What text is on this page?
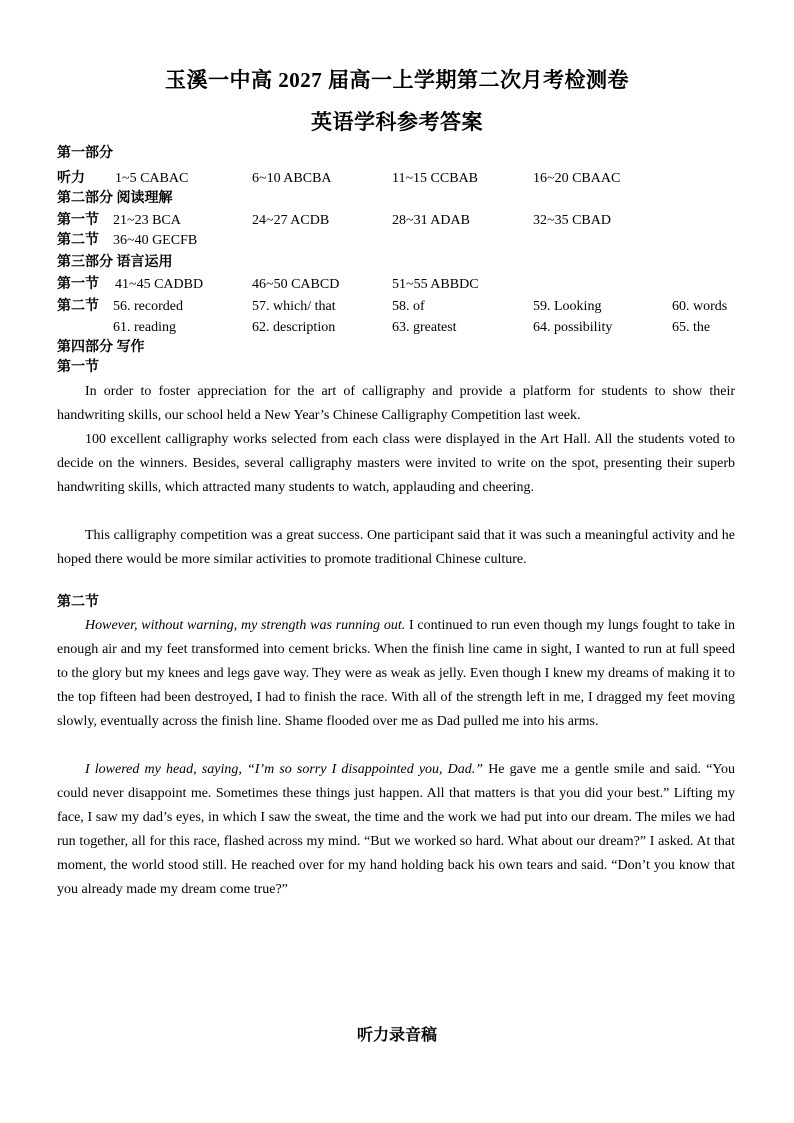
玉溪一中高 2027 届高一上学期第二次月考检测卷
英语学科参考答案
第一部分
听力 1~5 CABAC	6~10 ABCBA	11~15 CCBAB	16~20 CBAAC
第二部分 阅读理解
第一节 21~23 BCA	24~27 ACDB	28~31 ADAB	32~35 CBAD
第二节 36~40 GECFB
第三部分 语言运用
第一节 41~45 CADBD	46~50 CABCD	51~55 ABBDC
第二节 56. recorded	57. which/ that	58. of	59. Looking	60. words
61. reading	62. description	63. greatest	64. possibility	65. the
第四部分 写作
第一节
In order to foster appreciation for the art of calligraphy and provide a platform for students to show their handwriting skills, our school held a New Year’s Chinese Calligraphy Competition last week.
100 excellent calligraphy works selected from each class were displayed in the Art Hall. All the students voted to decide on the winners. Besides, several calligraphy masters were invited to write on the spot, presenting their superb handwriting skills, which attracted many students to watch, applauding and cheering.
This calligraphy competition was a great success. One participant said that it was such a meaningful activity and he hoped there would be more similar activities to promote traditional Chinese culture.
第二节
However, without warning, my strength was running out. I continued to run even though my lungs fought to take in enough air and my feet transformed into cement bricks. When the finish line came in sight, I wanted to run at full speed to the glory but my knees and legs gave way. They were as weak as jelly. Even though I knew my dreams of making it to the top fifteen had been destroyed, I had to finish the race. With all of the strength left in me, I dragged my feet moving slowly, eventually across the finish line. Shame flooded over me as Dad pulled me into his arms.
I lowered my head, saying, “I’m so sorry I disappointed you, Dad.” He gave me a gentle smile and said. “You could never disappoint me. Sometimes these things just happen. All that matters is that you did your best.” Lifting my face, I saw my dad’s eyes, in which I saw the sweat, the time and the work we had put into our dream. The miles we had run together, all for this race, flashed across my mind. “But we worked so hard. What about our dream?” I asked. At that moment, the world stood still. He reached over for my hand holding back his own tears and said. “Don’t you know that you already made my dream come true?”
听力录音稿
